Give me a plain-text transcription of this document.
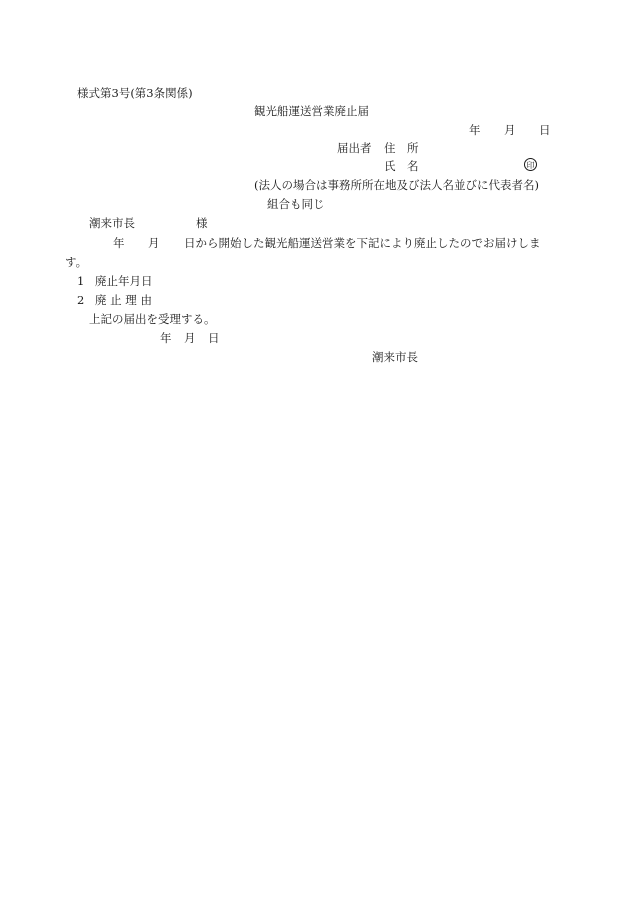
様式第3号(第3条関係)
観光船運送営業廃止届
年 月 日
届出者 住　所
氏　名	印
(法人の場合は事務所所在地及び法人名並びに代表者名)
組合も同じ
潮来市長	様
年 月 日から開始した観光船運送営業を下記により廃止したのでお届けしま
す。
1 廃止年月日
2 廃 止 理 由
上記の届出を受理する。
年 月 日
潮来市長
